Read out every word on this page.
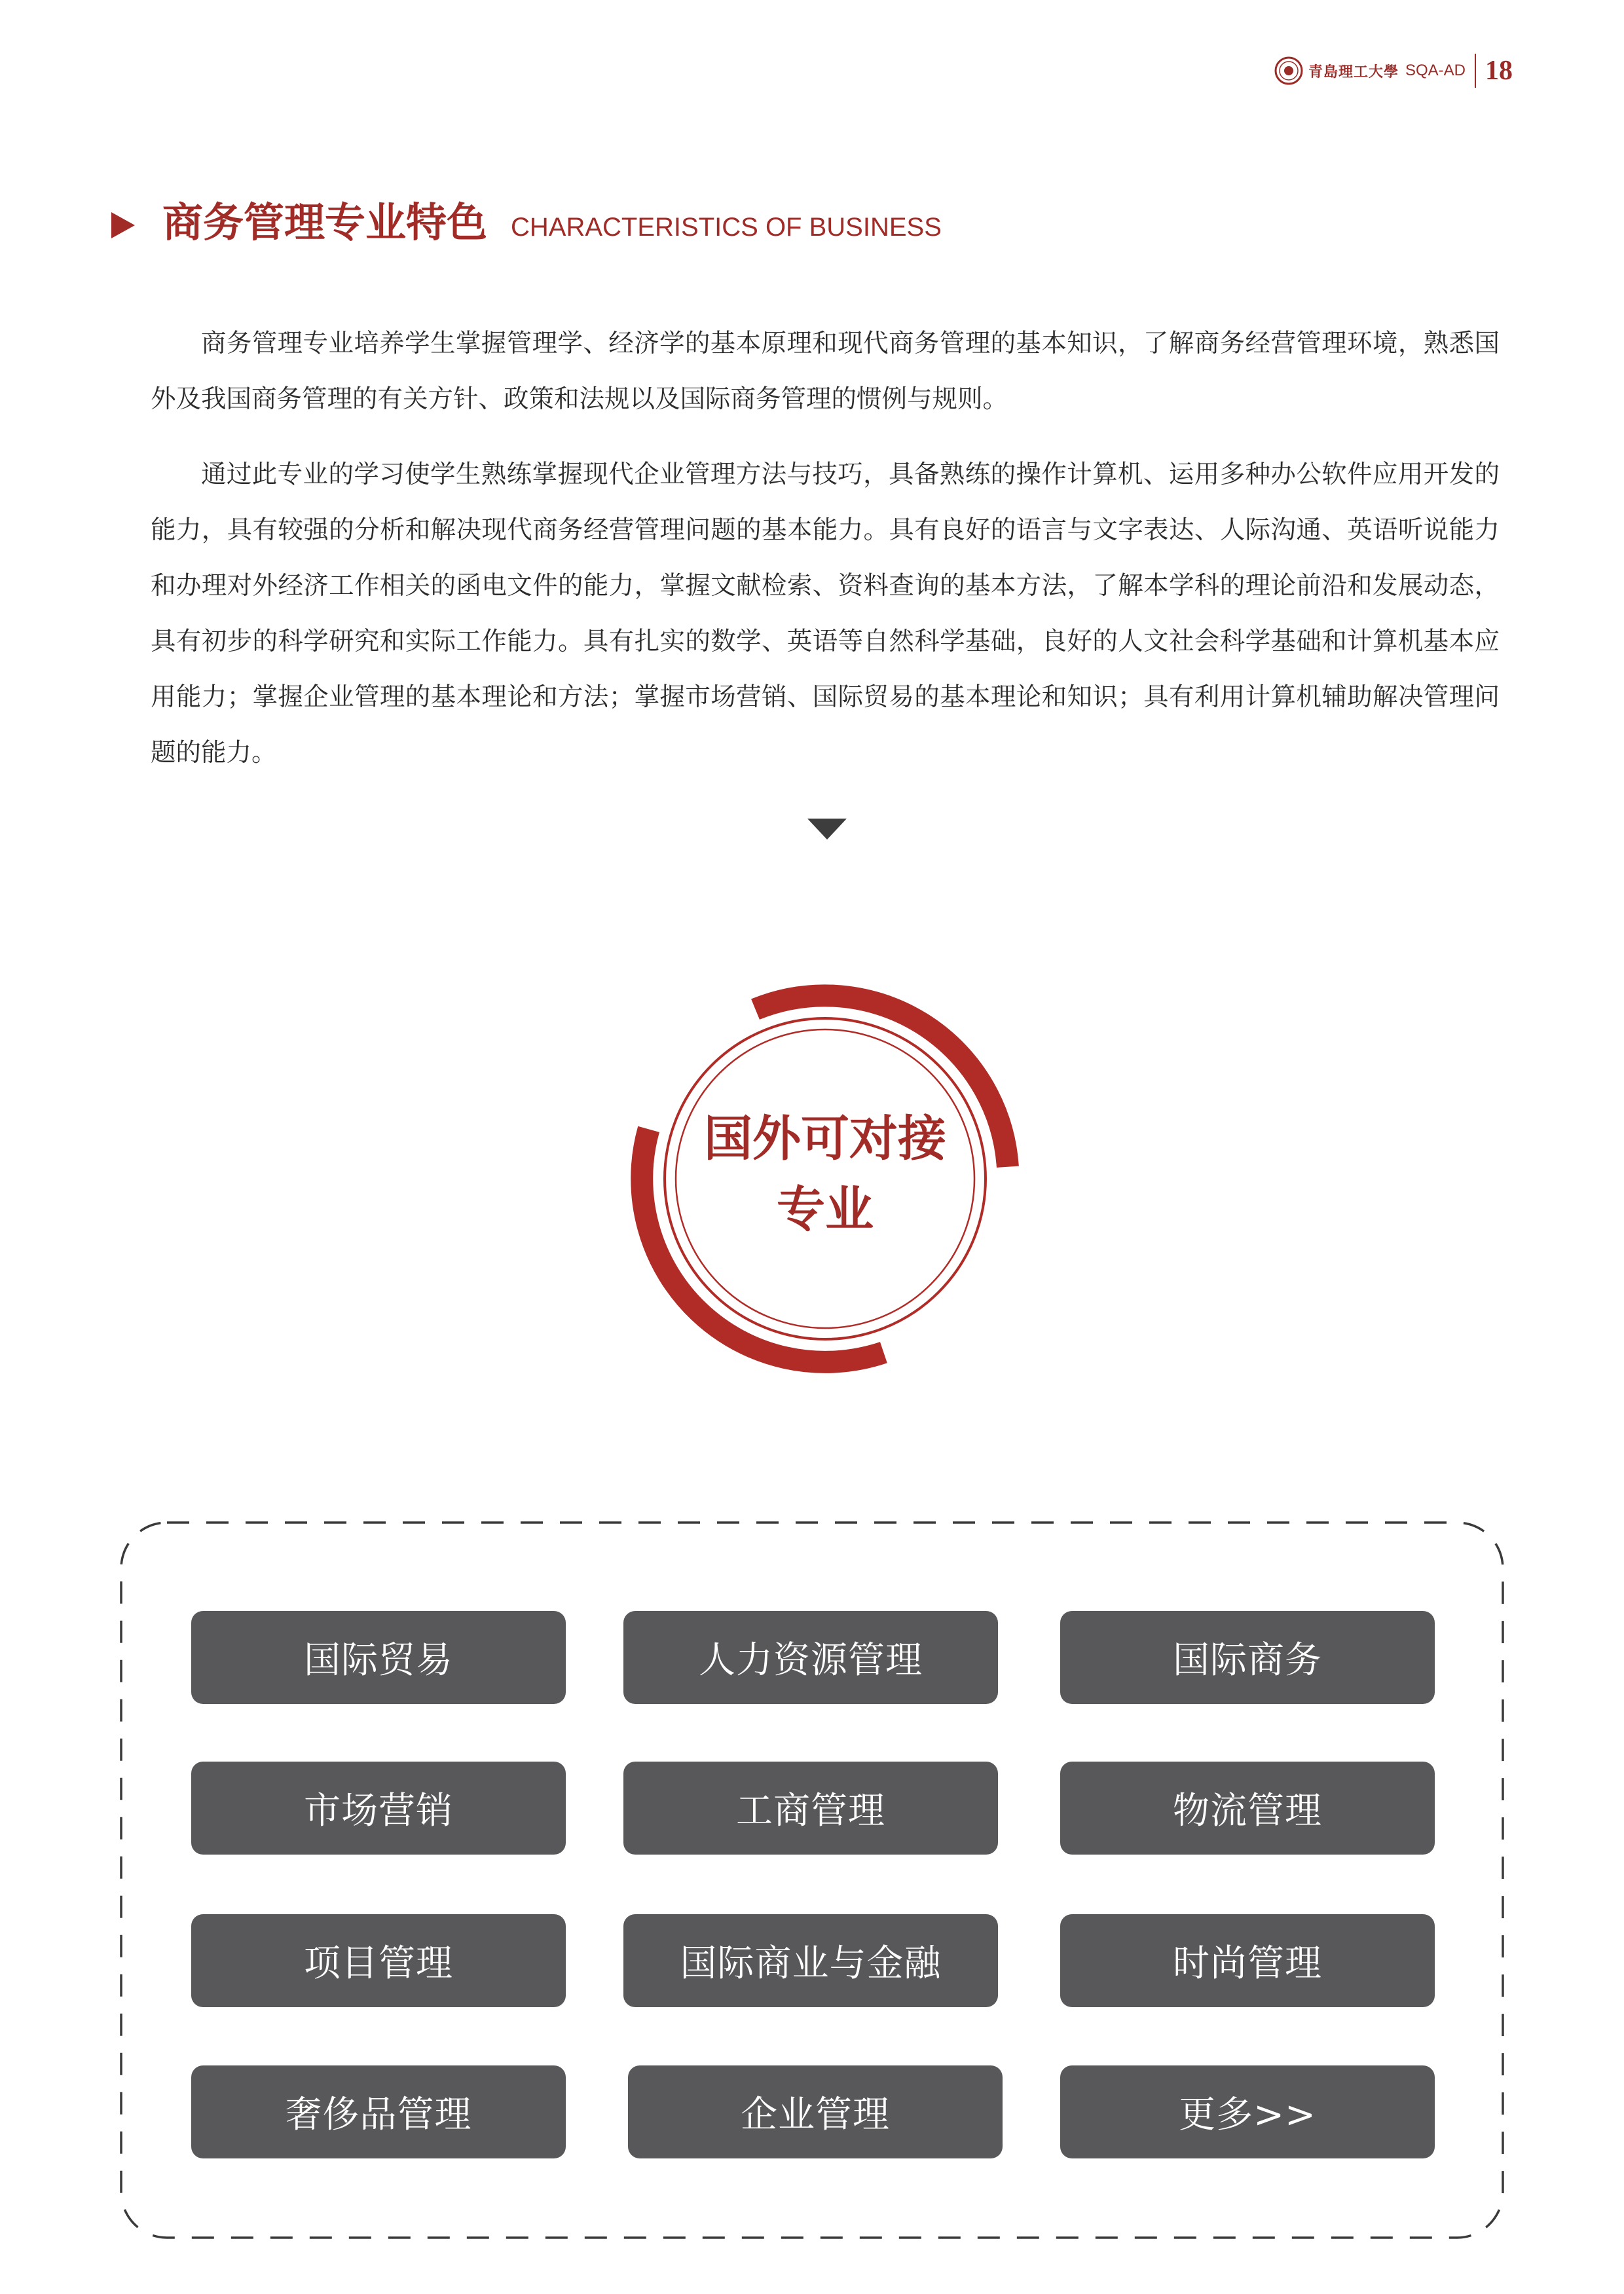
青島理工大學 SQA-AD 18
商务管理专业特色 CHARACTERISTICS OF BUSINESS

商务管理专业培养学生掌握管理学、经济学的基本原理和现代商务管理的基本知识，了解商务经营管理环境，熟悉国外及我国商务管理的有关方针、政策和法规以及国际商务管理的惯例与规则。

通过此专业的学习使学生熟练掌握现代企业管理方法与技巧，具备熟练的操作计算机、运用多种办公软件应用开发的能力，具有较强的分析和解决现代商务经营管理问题的基本能力。具有良好的语言与文字表达、人际沟通、英语听说能力和办理对外经济工作相关的函电文件的能力，掌握文献检索、资料查询的基本方法，了解本学科的理论前沿和发展动态，具有初步的科学研究和实际工作能力。具有扎实的数学、英语等自然科学基础，良好的人文社会科学基础和计算机基本应用能力；掌握企业管理的基本理论和方法；掌握市场营销、国际贸易的基本理论和知识；具有利用计算机辅助解决管理问题的能力。

国外可对接
专业
国际贸易	人力资源管理	国际商务
市场营销	工商管理	物流管理
项目管理	国际商业与金融	时尚管理
奢侈品管理	企业管理	更多>>
